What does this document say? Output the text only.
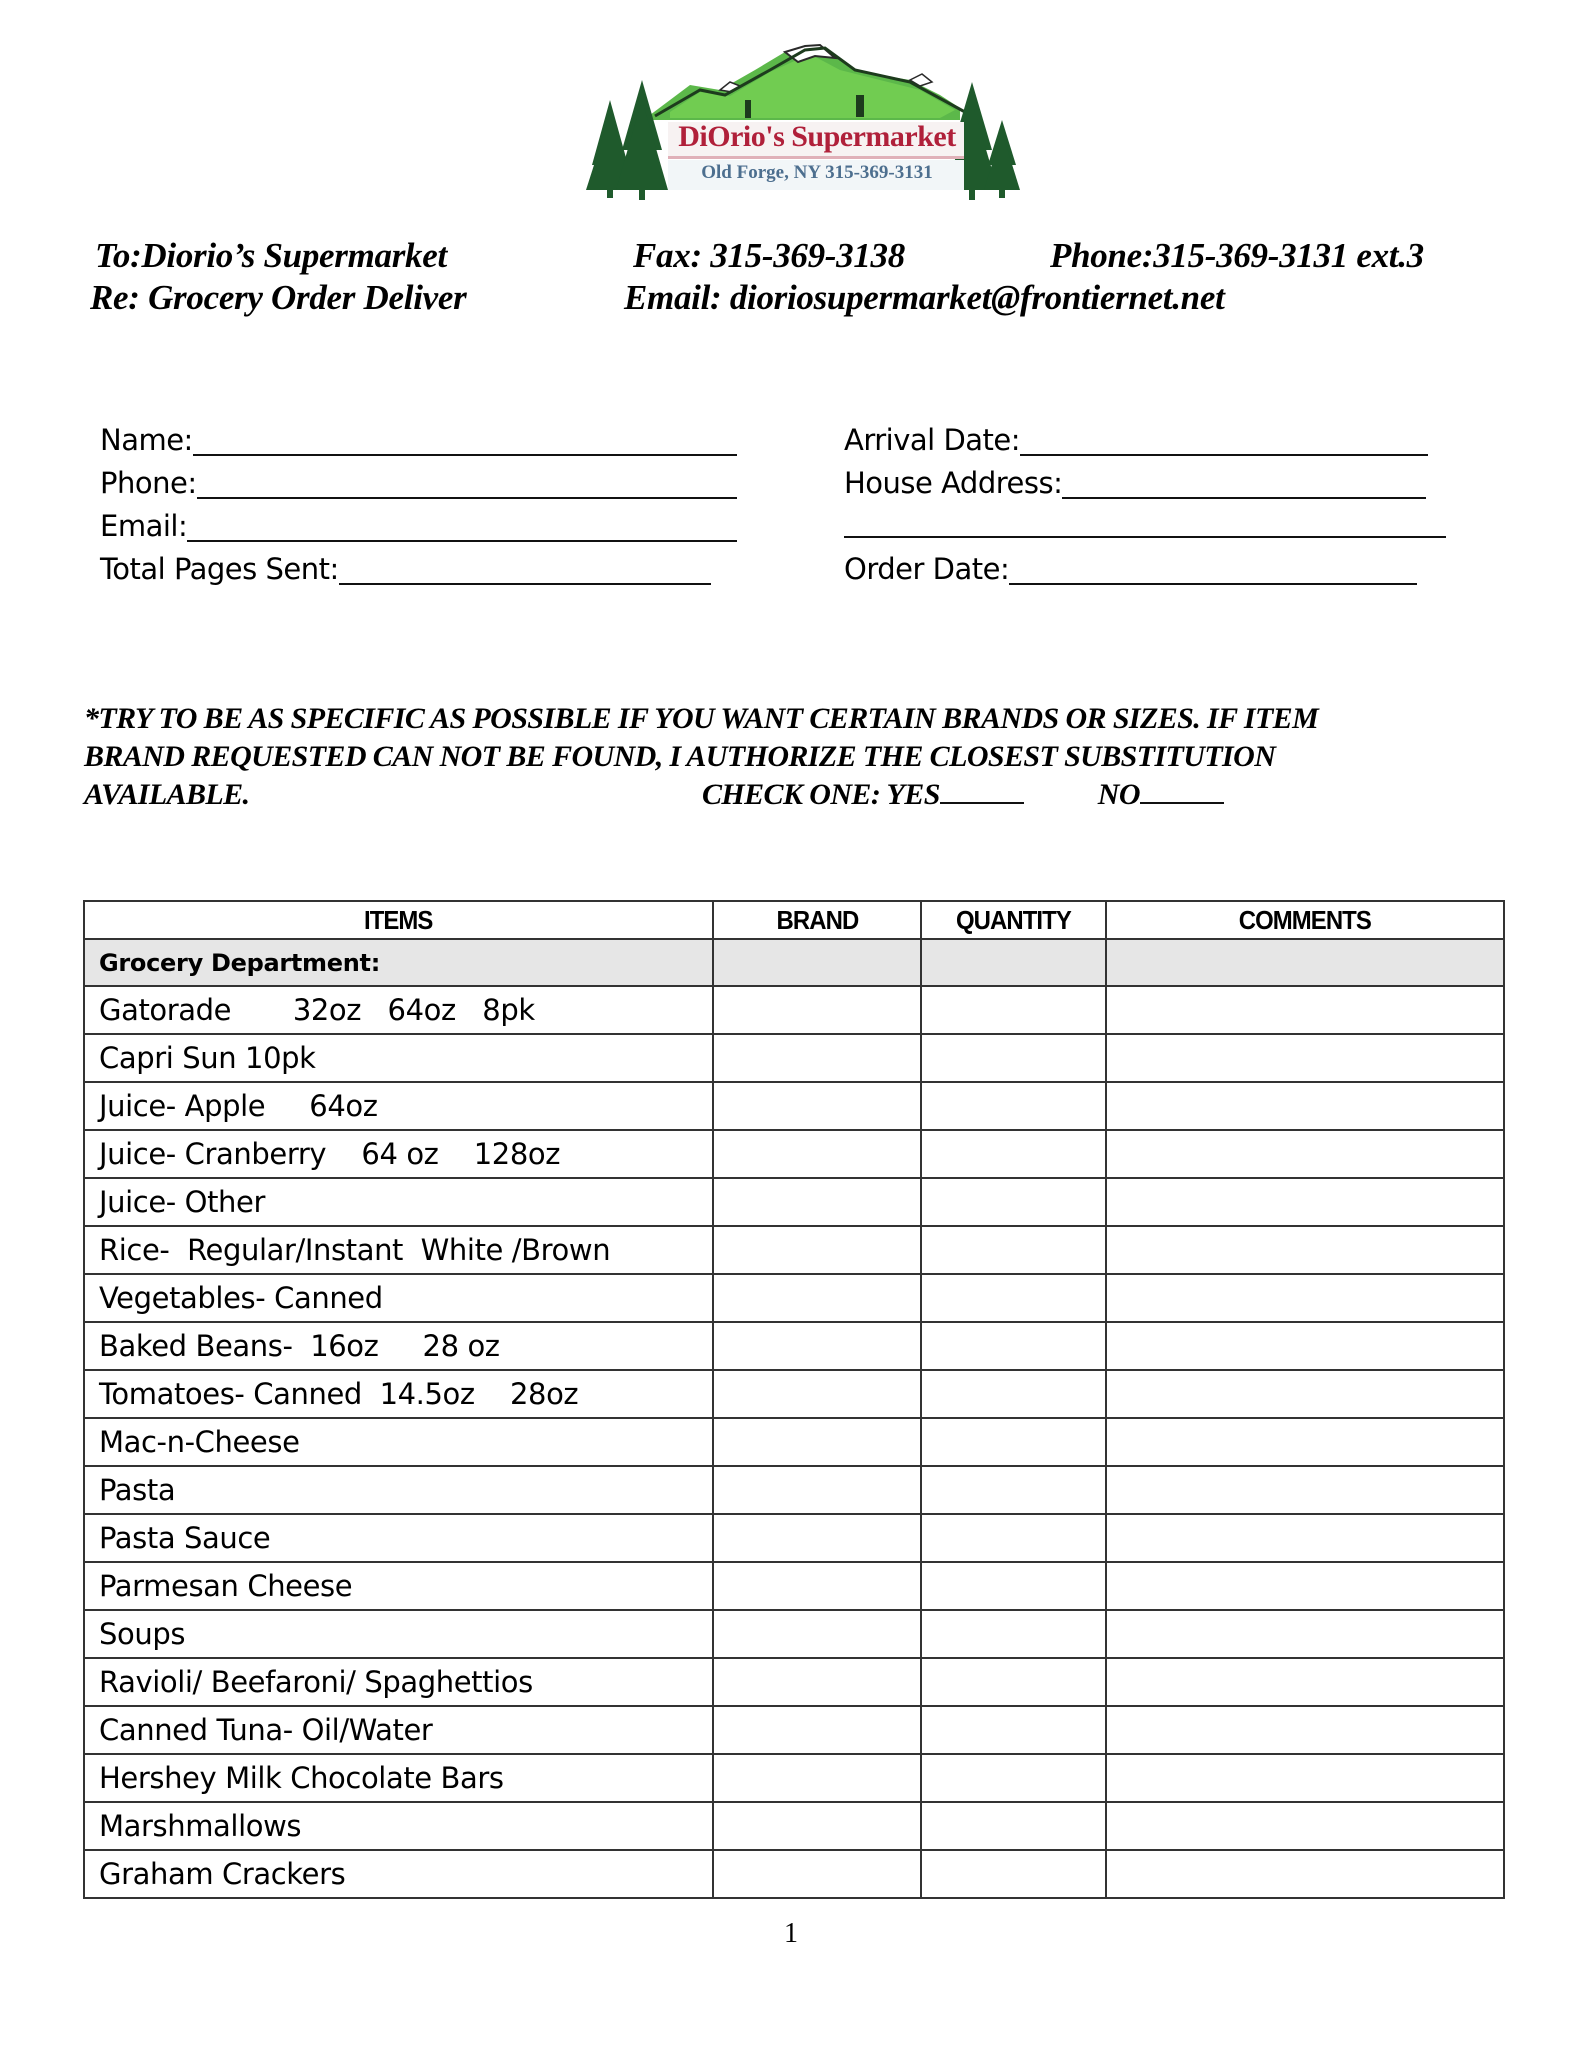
DiOrio's Supermarket
Old Forge, NY 315-369-3131
To:Diorio’s Supermarket
Re: Grocery Order Deliver
Fax: 315-369-3138
Email: dioriosupermarket@frontiernet.net
Phone:315-369-3131 ext.3
Name:
Phone:
Email:
Total Pages Sent:
Arrival Date:
House Address:
Order Date:
*TRY TO BE AS SPECIFIC AS POSSIBLE IF YOU WANT CERTAIN BRANDS OR SIZES. IF ITEM
BRAND REQUESTED CAN NOT BE FOUND, I AUTHORIZE THE CLOSEST SUBSTITUTION
AVAILABLE.	CHECK ONE: YES	NO
ITEMS	BRAND	QUANTITY	COMMENTS
Grocery Department:			
Gatorade       32oz   64oz   8pk			
Capri Sun 10pk			
Juice- Apple     64oz			
Juice- Cranberry    64 oz    128oz			
Juice- Other			
Rice-  Regular/Instant  White /Brown			
Vegetables- Canned			
Baked Beans-  16oz     28 oz			
Tomatoes- Canned  14.5oz    28oz			
Mac-n-Cheese			
Pasta			
Pasta Sauce			
Parmesan Cheese			
Soups			
Ravioli/ Beefaroni/ Spaghettios			
Canned Tuna- Oil/Water			
Hershey Milk Chocolate Bars			
Marshmallows			
Graham Crackers			
1
